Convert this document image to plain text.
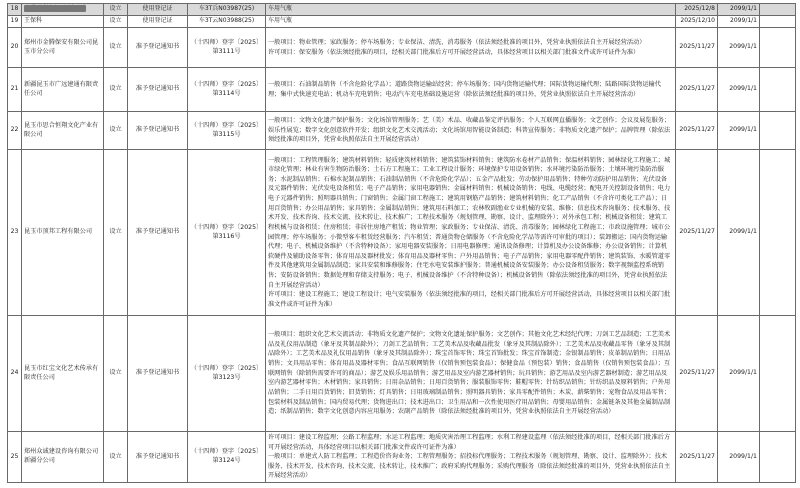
18	凌爱通利布拉·麦托平埔	设立	使用登记证	车3T兵N03987(25)	车用气瓶	2025/12/8	2099/1/1	
19	王保科	设立	使用登记证	车3T云N03988(25)	车用气瓶	2025/12/10	2099/1/1	
20	郑州市金腾保安有限公司昆玉市分公司	设立	准予登记通知书	（十四师）登字〔2025〕第3111号	一般项目：物业管理；家政服务；停车场服务；专业保洁、清洗、消毒服务（依法须经批准的项目外，凭营业执照依法自主开展经营活动）
许可项目：保安服务（依法须经批准的项目，经相关部门批准后方可开展经营活动，具体经营项目以相关部门批准文件或许可证件为准）	2025/11/27	2099/1/1	
21	新疆昆玉市广远建通有限责任公司	设立	准予登记通知书	（十四师）登字〔2025〕第3114号	一般项目：石油制品销售（不含危险化学品）；道路货物运输站经营；停车场服务；国内货物运输代理；国际货物运输代理；陆路国际货物运输代理；集中式快速充电站；机动车充电销售；电动汽车充电基础设施运营（除依法须经批准的项目外，凭营业执照依法自主开展经营活动）	2025/11/27	2099/1/1	
22	昆玉市思合恒翔文化产业有限公司	设立	准予登记通知书	（十四师）登字〔2025〕第3115号	一般项目：文物文化遗产保护服务；文化场馆管理服务；艺（美）术品、收藏品鉴定评估服务；个人互联网直播服务；文艺创作；会议及展览服务；娱乐性展览；数字文化创意软件开发；组织文化艺术交流活动；文化场馆用智能设备制造；科普宣传服务；非物质文化遗产保护；品牌管理（除依法须经批准的项目外，凭营业执照依法自主开展经营活动）	2025/11/27	2099/1/1	
23	昆玉市顶邦工程有限公司	设立	准予登记通知书	（十四师）登字〔2025〕第3116号	一般项目：工程管理服务；建筑材料销售；轻质建筑材料销售；建筑装饰材料销售；建筑防水卷材产品销售；保温材料销售；园林绿化工程施工；城市绿化管理；林业有害生物防治服务；土石方工程施工；工业工程设计服务；环境保护专用设备销售；水环境污染防治服务；土壤环境污染防治服务；水泥制品销售；石棉水泥制品销售；石油制品销售（不含危险化学品）；五金产品批发；劳动保护用品销售；特种劳动防护用品销售；光伏设备及元器件销售；光伏发电设备租赁；电子产品销售；家用电器销售；金属材料销售；机械设备销售；电线、电缆经营；配电开关控制设备销售；电力电子元器件销售；照明器具销售；门窗销售；金属门窗工程施工；建筑用钢筋产品销售；建筑材料销售；化工产品销售（不含许可类化工产品）；日用百货销售；办公用品销售；家具销售；金属制品销售；建筑用石料加工；农林牧副渔业专业机械的安装、维修；信息技术咨询服务；技术服务、技术开发、技术咨询、技术交流、技术转让、技术推广；工程技术服务（规划管理、勘察、设计、监理除外）；对外承包工程；机械设备租赁；建筑工程机械与设备租赁；住房租赁；非居住房地产租赁；物业管理；家政服务；专业保洁、清洗、消毒服务；园林绿化工程施工；市政设施管理；城市公园管理；停车场服务；小微型客车租赁经营服务；汽车租赁；普通货物仓储服务（不含危险化学品等需许可审批的项目）；装卸搬运；国内货物运输代理；电子、机械设备维护（不含特种设备）；家用电器安装服务；日用电器修理；通讯设备修理；计算机及办公设备维修；办公设备销售；计算机软硬件及辅助设备零售；体育用品及器材批发；体育用品及器材零售；户外用品销售；电子产品销售；家用电器零配件销售；建筑装饰、水暖管道零件及其他建筑用金属制品制造；家具安装和维修服务；住宅水电安装维护服务；普通机械设备安装服务；办公设备租赁服务；数字视频监控系统销售；安防设备销售；数据处理和存储支持服务；电子、机械设备维护（不含特种设备）；机械设备销售（除依法须经批准的项目外，凭营业执照依法自主开展经营活动）
许可项目：建设工程施工；建设工程设计；电气安装服务（依法须经批准的项目，经相关部门批准后方可开展经营活动，具体经营项目以相关部门批准文件或许可证件为准）	2025/11/27	2099/1/1	
24	昆玉市红宝文化艺术传承有限责任公司	设立	准予登记通知书	（十四师）登字〔2025〕第3123号	一般项目：组织文化艺术交流活动；非物质文化遗产保护；文物文化遗址保护服务；文艺创作；其他文化艺术经纪代理；刀剑工艺品制造；工艺美术品及礼仪用品制造（象牙及其制品除外）；刀剑工艺品销售；工艺美术品及收藏品批发（象牙及其制品除外）；工艺美术品及收藏品零售（象牙及其制品除外）；工艺美术品及礼仪用品销售（象牙及其制品除外）；珠宝首饰零售；珠宝首饰批发；珠宝首饰制造；金银制品销售；皮革制品销售；日用品销售；文具用品零售；体育用品及器材零售；食品互联网销售（仅销售预包装食品）；保健食品（预包装）销售；食品销售（仅销售预包装食品）；互联网销售（除销售需要许可的商品）；游艺及娱乐用品销售；游艺用品及室内游艺器材销售；玩具销售；游艺用品及室内游艺器材制造；游艺用品及室内游艺器材零售；木材销售；家具销售；日用杂品销售；日用百货销售；服装服饰零售；鞋帽零售；针纺织品销售；针纺织品及原料销售；户外用品销售；二手日用百货销售；旧货销售；灯具销售；日用玻璃制品销售；照明器具销售；家具零配件销售；木炭、薪柴销售；宠物食品及用品零售；包装材料及制品销售；国内贸易代理；货物进出口；技术进出口；卫生用品和一次性使用医疗用品销售；母婴用品销售；金属链条及其他金属制品制造；纸制品销售；数字文化创意内容应用服务；农副产品销售（除依法须经批准的项目外，凭营业执照依法自主开展经营活动）	2025/11/27	2099/1/1	
25	郑州众诚建设咨询有限公司新疆分公司	设立	准予登记通知书	（十四师）登字〔2025〕第3124号	许可项目：建设工程监理；公路工程监理；水运工程监理；地质灾害治理工程监理；水利工程建设监理（依法须经批准的项目，经相关部门批准后方可开展经营活动，具体经营项目以相关部门批准文件或许可证件为准）
一般项目：单建式人防工程监理；工程造价咨询业务；工程管理服务；招投标代理服务；工程技术服务（规划管理、勘察、设计、监理除外）；技术服务、技术开发、技术咨询、技术交流、技术转让、技术推广；政府采购代理服务；采购代理服务（除依法须经批准的项目外，凭营业执照依法自主开展经营活动）	2025/11/27	2099/1/1	
